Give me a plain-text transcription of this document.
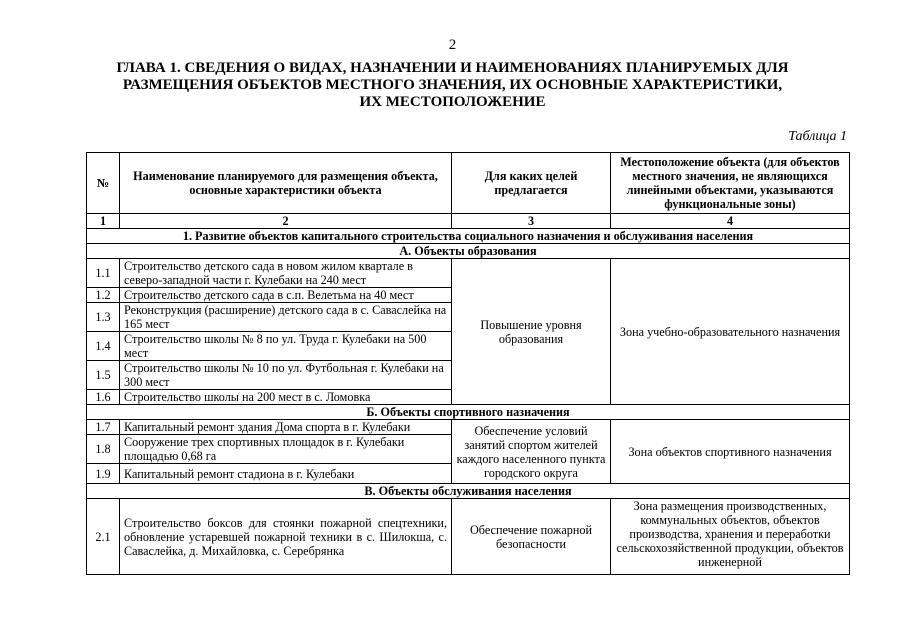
2
ГЛАВА 1. СВЕДЕНИЯ О ВИДАХ, НАЗНАЧЕНИИ И НАИМЕНОВАНИЯХ ПЛАНИРУЕМЫХ ДЛЯ
РАЗМЕЩЕНИЯ ОБЪЕКТОВ МЕСТНОГО ЗНАЧЕНИЯ, ИХ ОСНОВНЫЕ ХАРАКТЕРИСТИКИ,
ИХ МЕСТОПОЛОЖЕНИЕ
Таблица 1
№	Наименование планируемого для размещения объекта, основные характеристики объекта	Для каких целей предлагается	Местоположение объекта (для объектов местного значения, не являющихся линейными объектами, указываются функциональные зоны)
1	2	3	4
1. Развитие объектов капитального строительства социального назначения и обслуживания населения			
А. Объекты образования			
1.1	Строительство детского сада в новом жилом квартале в северо-западной части г. Кулебаки на 240 мест	Повышение уровня образования	Зона учебно-образовательного назначения
1.2	Строительство детского сада в с.п. Велетьма на 40 мест		
1.3	Реконструкция (расширение) детского сада в с. Саваслейка на 165 мест		
1.4	Строительство школы № 8 по ул. Труда г. Кулебаки на 500 мест		
1.5	Строительство школы № 10 по ул. Футбольная г. Кулебаки на 300 мест		
1.6	Строительство школы на 200 мест в с. Ломовка		
Б. Объекты спортивного назначения			
1.7	Капитальный ремонт здания Дома спорта в г. Кулебаки	Обеспечение условий занятий спортом жителей каждого населенного пункта городского округа	Зона объектов спортивного назначения
1.8	Сооружение трех спортивных площадок в г. Кулебаки площадью 0,68 га		
1.9	Капитальный ремонт стадиона в г. Кулебаки		
В. Объекты обслуживания населения			
2.1	Строительство боксов для стоянки пожарной спецтехники, обновление устаревшей пожарной техники в с. Шилокша, с. Саваслейка, д. Михайловка, с. Серебрянка	Обеспечение пожарной безопасности	Зона размещения производственных, коммунальных объектов, объектов производства, хранения и переработки сельскохозяйственной продукции, объектов инженерной
